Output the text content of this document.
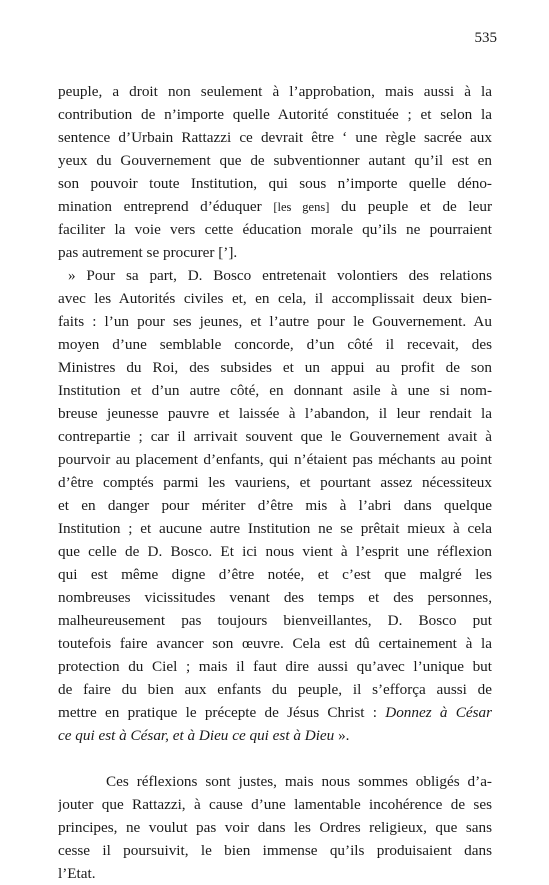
535
peuple, a droit non seulement à l’approbation, mais aussi à la
contribution de n’importe quelle Autorité constituée ; et selon la
sentence d’Urbain Rattazzi ce devrait être ‘ une règle sacrée aux
yeux du Gouvernement que de subventionner autant qu’il est en
son pouvoir toute Institution, qui sous n’importe quelle déno-
mination entreprend d’éduquer [les gens] du peuple et de leur
faciliter la voie vers cette éducation morale qu’ils ne pourraient
pas autrement se procurer [’].
» Pour sa part, D. Bosco entretenait volontiers des relations
avec les Autorités civiles et, en cela, il accomplissait deux bien-
faits : l’un pour ses jeunes, et l’autre pour le Gouvernement. Au
moyen d’une semblable concorde, d’un côté il recevait, des
Ministres du Roi, des subsides et un appui au profit de son
Institution et d’un autre côté, en donnant asile à une si nom-
breuse jeunesse pauvre et laissée à l’abandon, il leur rendait la
contrepartie ; car il arrivait souvent que le Gouvernement avait à
pourvoir au placement d’enfants, qui n’étaient pas méchants au point
d’être comptés parmi les vauriens, et pourtant assez nécessiteux
et en danger pour mériter d’être mis à l’abri dans quelque
Institution ; et aucune autre Institution ne se prêtait mieux à cela
que celle de D. Bosco. Et ici nous vient à l’esprit une réflexion
qui est même digne d’être notée, et c’est que malgré les
nombreuses vicissitudes venant des temps et des personnes,
malheureusement pas toujours bienveillantes, D. Bosco put
toutefois faire avancer son œuvre. Cela est dû certainement à la
protection du Ciel ; mais il faut dire aussi qu’avec l’unique but
de faire du bien aux enfants du peuple, il s’efforça aussi de
mettre en pratique le précepte de Jésus Christ : Donnez à César
ce qui est à César, et à Dieu ce qui est à Dieu ».
Ces réflexions sont justes, mais nous sommes obligés d’a-
jouter que Rattazzi, à cause d’une lamentable incohérence de ses
principes, ne voulut pas voir dans les Ordres religieux, que sans
cesse il poursuivit, le bien immense qu’ils produisaient dans
l’Etat.
